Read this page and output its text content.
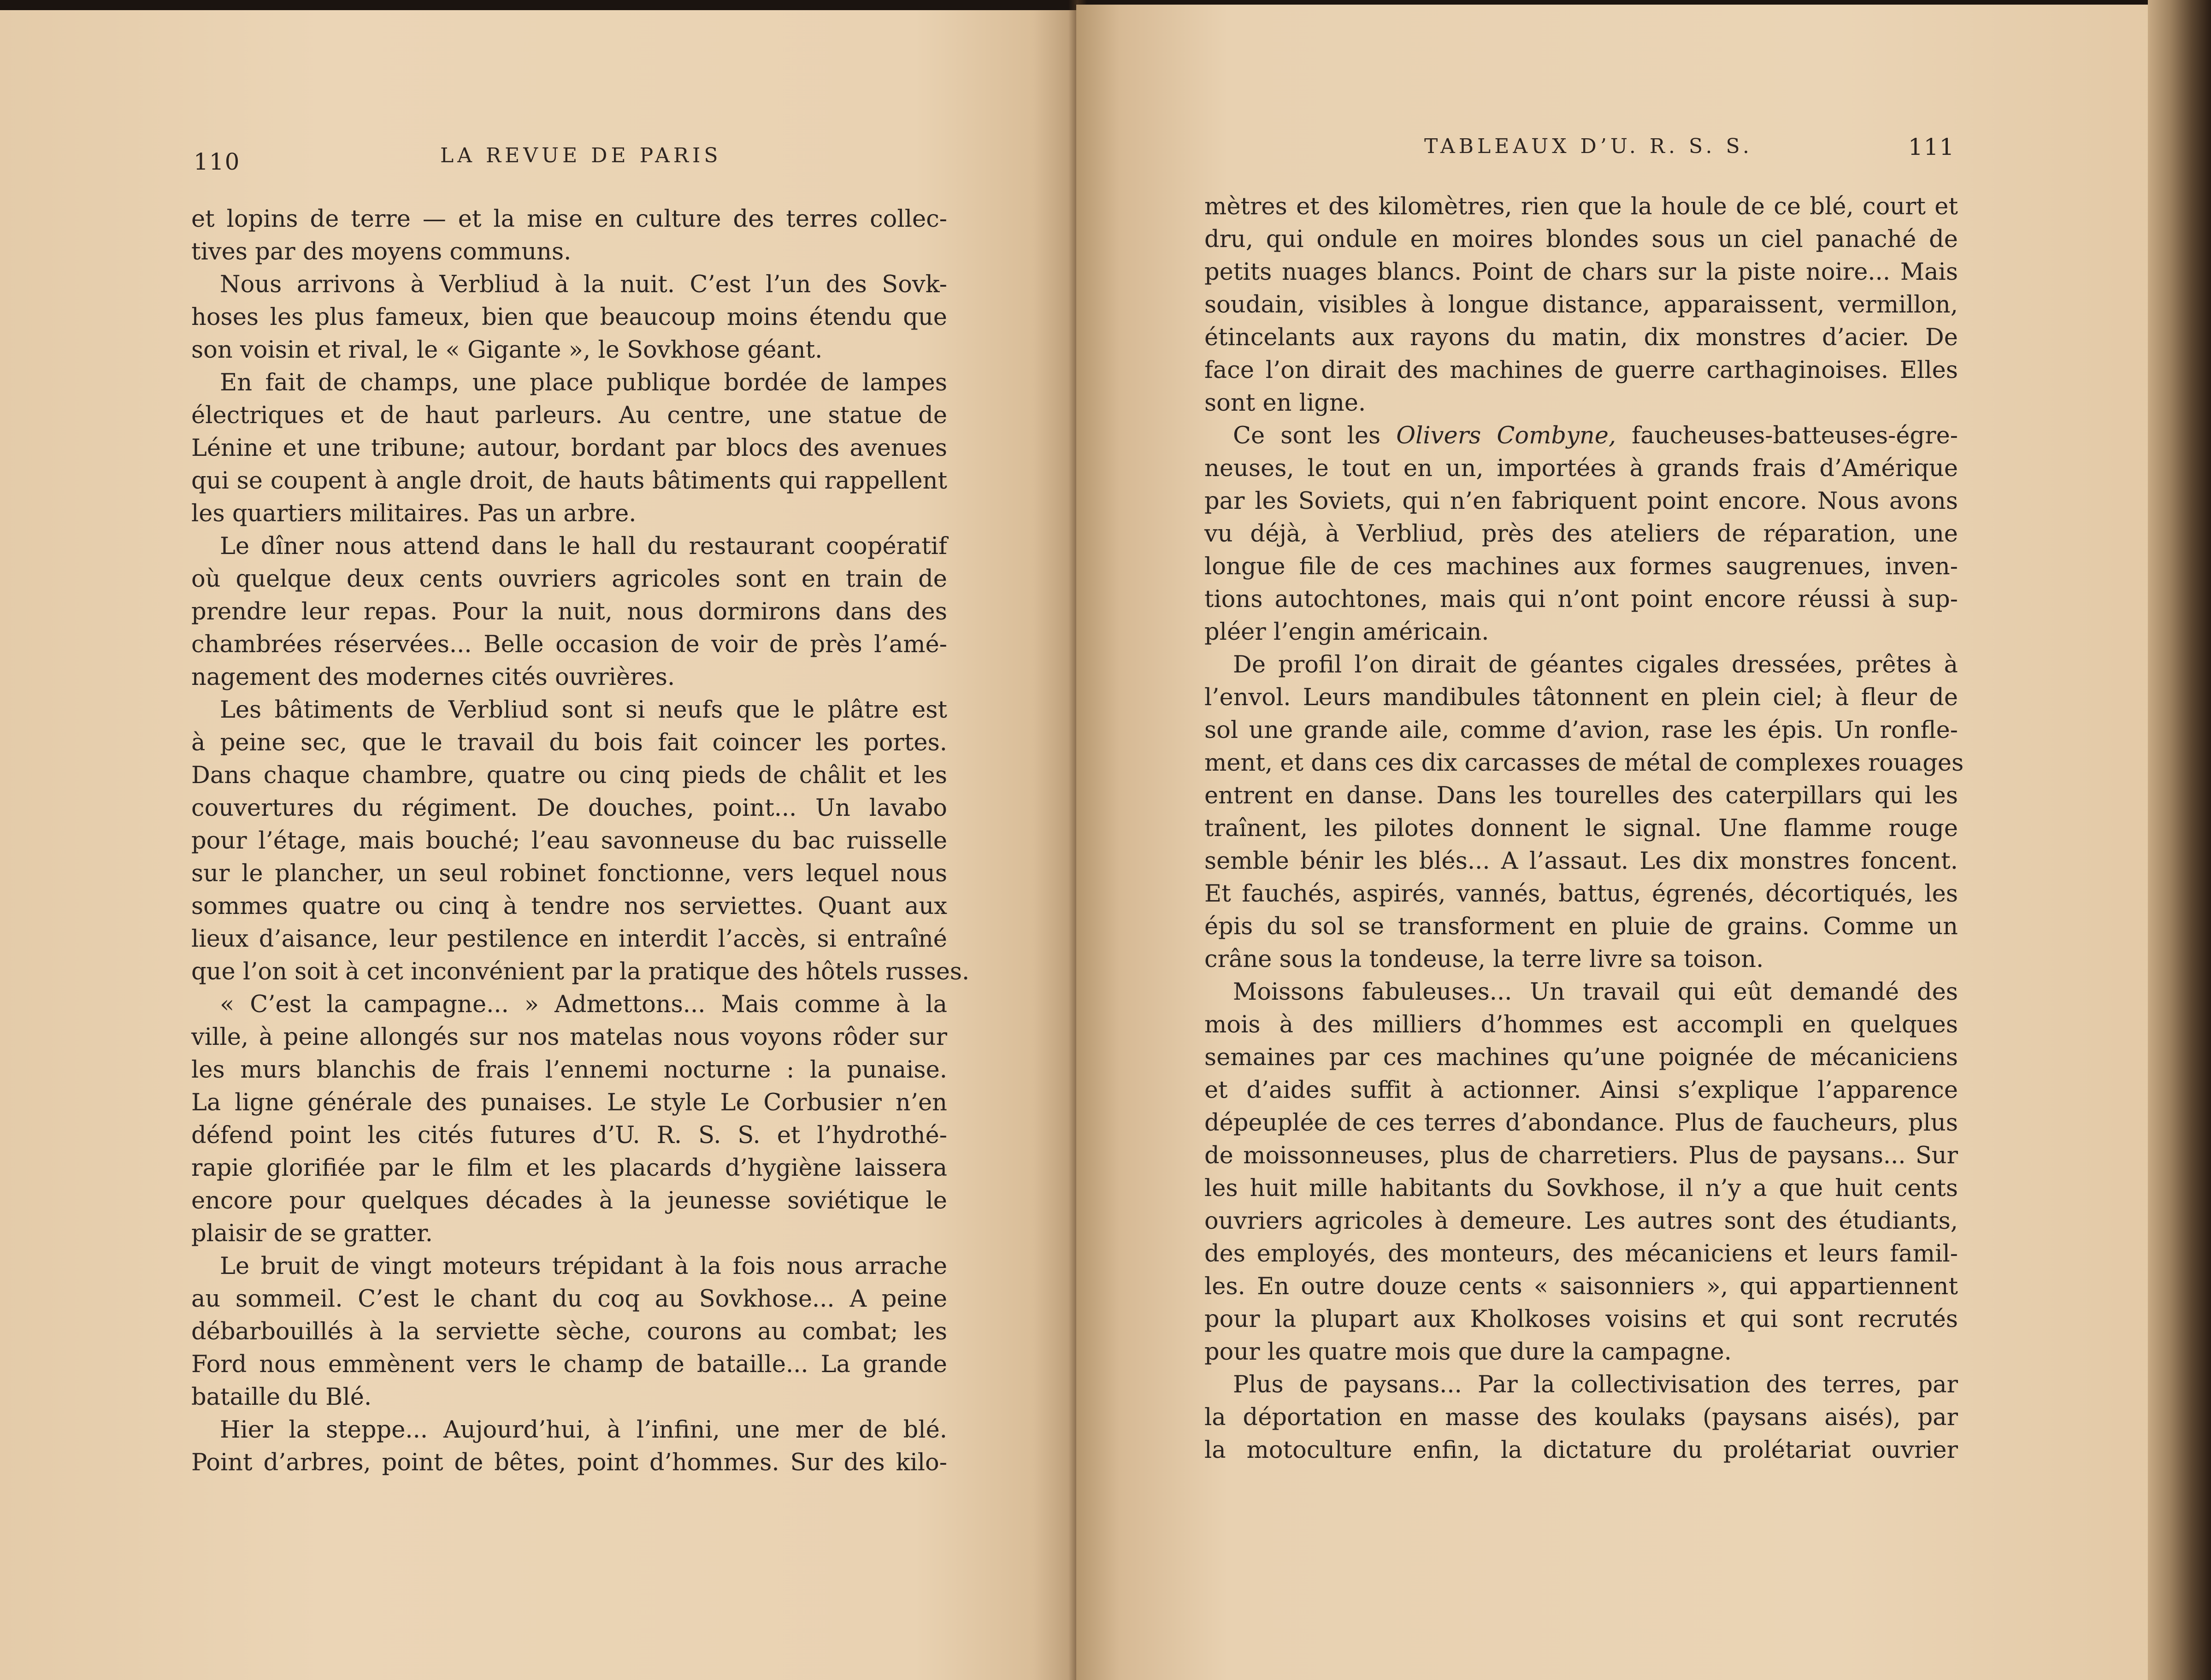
110	LA REVUE DE PARIS
et lopins de terre — et la mise en culture des terres collec-
tives par des moyens communs.
Nous arrivons à Verbliud à la nuit. C’est l’un des Sovk-
hoses les plus fameux, bien que beaucoup moins étendu que
son voisin et rival, le « Gigante », le Sovkhose géant.
En fait de champs, une place publique bordée de lampes
électriques et de haut parleurs. Au centre, une statue de
Lénine et une tribune; autour, bordant par blocs des avenues
qui se coupent à angle droit, de hauts bâtiments qui rappellent
les quartiers militaires. Pas un arbre.
Le dîner nous attend dans le hall du restaurant coopératif
où quelque deux cents ouvriers agricoles sont en train de
prendre leur repas. Pour la nuit, nous dormirons dans des
chambrées réservées... Belle occasion de voir de près l’amé-
nagement des modernes cités ouvrières.
Les bâtiments de Verbliud sont si neufs que le plâtre est
à peine sec, que le travail du bois fait coincer les portes.
Dans chaque chambre, quatre ou cinq pieds de châlit et les
couvertures du régiment. De douches, point... Un lavabo
pour l’étage, mais bouché; l’eau savonneuse du bac ruisselle
sur le plancher, un seul robinet fonctionne, vers lequel nous
sommes quatre ou cinq à tendre nos serviettes. Quant aux
lieux d’aisance, leur pestilence en interdit l’accès, si entraîné
que l’on soit à cet inconvénient par la pratique des hôtels russes.
« C’est la campagne... » Admettons... Mais comme à la
ville, à peine allongés sur nos matelas nous voyons rôder sur
les murs blanchis de frais l’ennemi nocturne : la punaise.
La ligne générale des punaises. Le style Le Corbusier n’en
défend point les cités futures d’U. R. S. S. et l’hydrothé-
rapie glorifiée par le film et les placards d’hygiène laissera
encore pour quelques décades à la jeunesse soviétique le
plaisir de se gratter.
Le bruit de vingt moteurs trépidant à la fois nous arrache
au sommeil. C’est le chant du coq au Sovkhose... A peine
débarbouillés à la serviette sèche, courons au combat; les
Ford nous emmènent vers le champ de bataille... La grande
bataille du Blé.
Hier la steppe... Aujourd’hui, à l’infini, une mer de blé.
Point d’arbres, point de bêtes, point d’hommes. Sur des kilo-
TABLEAUX D’U. R. S. S.	111
mètres et des kilomètres, rien que la houle de ce blé, court et
dru, qui ondule en moires blondes sous un ciel panaché de
petits nuages blancs. Point de chars sur la piste noire... Mais
soudain, visibles à longue distance, apparaissent, vermillon,
étincelants aux rayons du matin, dix monstres d’acier. De
face l’on dirait des machines de guerre carthaginoises. Elles
sont en ligne.
Ce sont les Olivers Combyne, faucheuses-batteuses-égre-
neuses, le tout en un, importées à grands frais d’Amérique
par les Soviets, qui n’en fabriquent point encore. Nous avons
vu déjà, à Verbliud, près des ateliers de réparation, une
longue file de ces machines aux formes saugrenues, inven-
tions autochtones, mais qui n’ont point encore réussi à sup-
pléer l’engin américain.
De profil l’on dirait de géantes cigales dressées, prêtes à
l’envol. Leurs mandibules tâtonnent en plein ciel; à fleur de
sol une grande aile, comme d’avion, rase les épis. Un ronfle-
ment, et dans ces dix carcasses de métal de complexes rouages
entrent en danse. Dans les tourelles des caterpillars qui les
traînent, les pilotes donnent le signal. Une flamme rouge
semble bénir les blés... A l’assaut. Les dix monstres foncent.
Et fauchés, aspirés, vannés, battus, égrenés, décortiqués, les
épis du sol se transforment en pluie de grains. Comme un
crâne sous la tondeuse, la terre livre sa toison.
Moissons fabuleuses... Un travail qui eût demandé des
mois à des milliers d’hommes est accompli en quelques
semaines par ces machines qu’une poignée de mécaniciens
et d’aides suffit à actionner. Ainsi s’explique l’apparence
dépeuplée de ces terres d’abondance. Plus de faucheurs, plus
de moissonneuses, plus de charretiers. Plus de paysans... Sur
les huit mille habitants du Sovkhose, il n’y a que huit cents
ouvriers agricoles à demeure. Les autres sont des étudiants,
des employés, des monteurs, des mécaniciens et leurs famil-
les. En outre douze cents « saisonniers », qui appartiennent
pour la plupart aux Kholkoses voisins et qui sont recrutés
pour les quatre mois que dure la campagne.
Plus de paysans... Par la collectivisation des terres, par
la déportation en masse des koulaks (paysans aisés), par
la motoculture enfin, la dictature du prolétariat ouvrier
